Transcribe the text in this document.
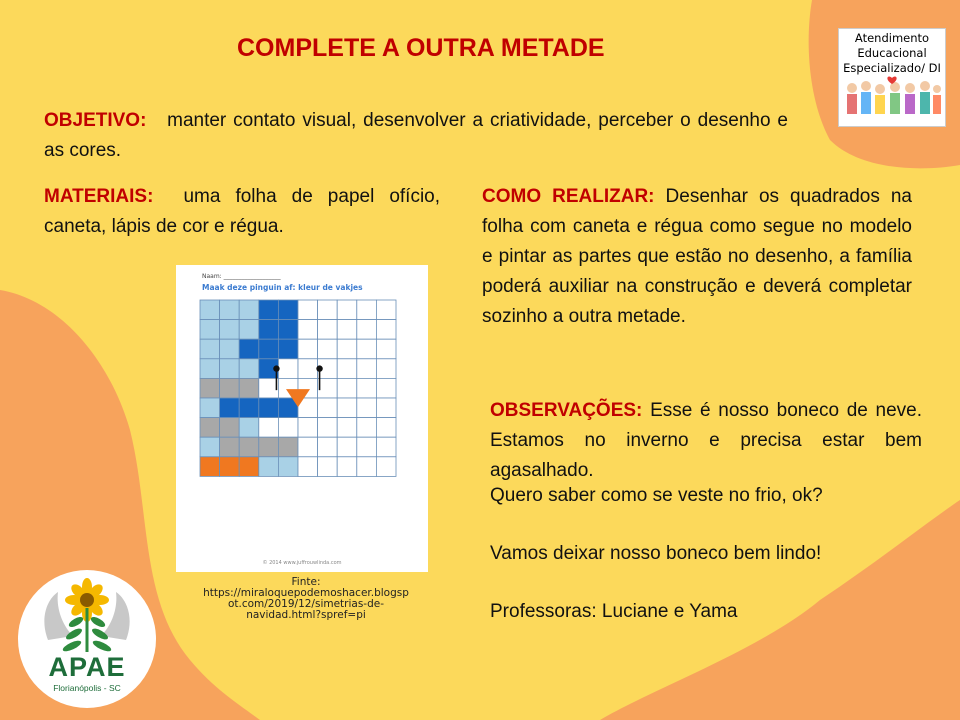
COMPLETE A OUTRA METADE	Atendimento
Educacional
Especializado/ DI
OBJETIVO: manter contato visual, desenvolver a criatividade, perceber o desenho e as cores.
MATERIAIS: uma folha de papel ofício, caneta, lápis de cor e régua.
COMO REALIZAR: Desenhar os quadrados na folha com caneta e régua como segue no modelo e pintar as partes que estão no desenho, a família poderá auxiliar na construção e deverá completar sozinho a outra metade.
OBSERVAÇÕES: Esse é nosso boneco de neve. Estamos no inverno e precisa estar bem agasalhado.
Quero saber como se veste no frio, ok?
Vamos deixar nosso boneco bem lindo!
Professoras: Luciane e Yama
Naam: ___________________
Maak deze pinguin af: kleur de vakjes
© 2014 www.juffrouwlinda.com
Finte:
https://miraloquepodemoshacer.blogsp
ot.com/2019/12/simetrias-de-
navidad.html?spref=pi
APAE
Florianópolis - SC
